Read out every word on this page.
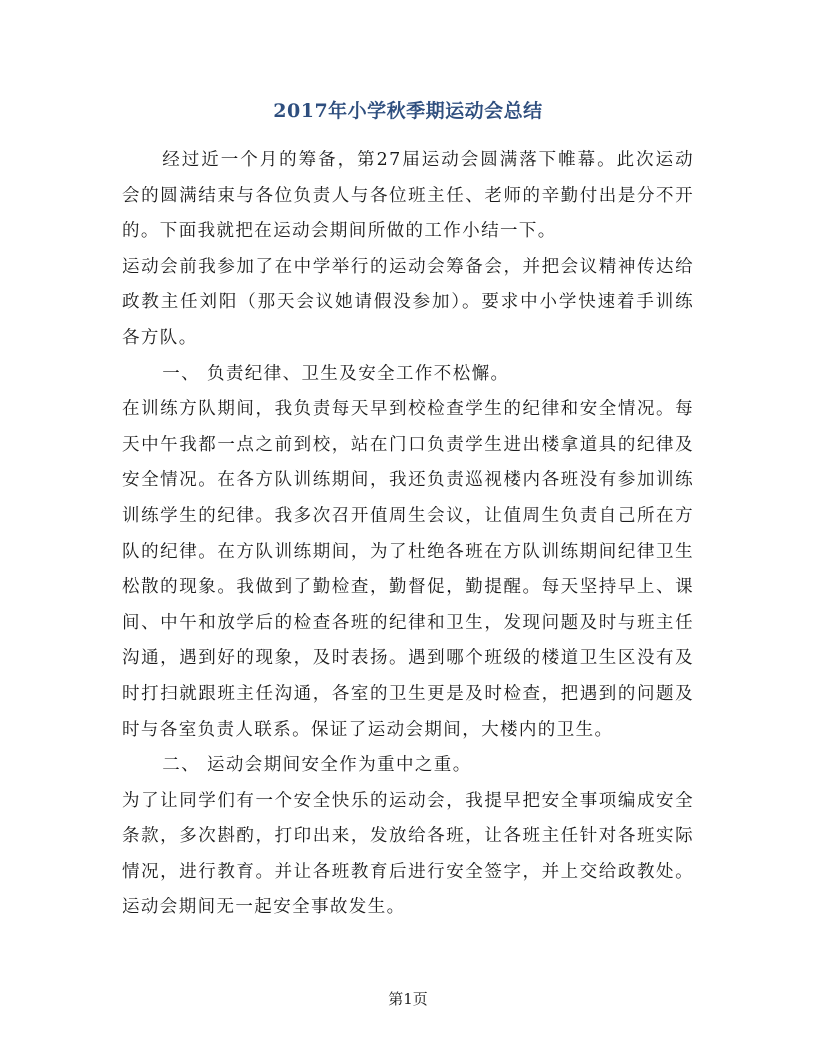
2017年小学秋季期运动会总结

经过近一个月的筹备，第27届运动会圆满落下帷幕。此次运动会的圆满结束与各位负责人与各位班主任、老师的辛勤付出是分不开的。下面我就把在运动会期间所做的工作小结一下。

运动会前我参加了在中学举行的运动会筹备会，并把会议精神传达给政教主任刘阳（那天会议她请假没参加）。要求中小学快速着手训练各方队。

一、 负责纪律、卫生及安全工作不松懈。

在训练方队期间，我负责每天早到校检查学生的纪律和安全情况。每天中午我都一点之前到校，站在门口负责学生进出楼拿道具的纪律及安全情况。在各方队训练期间，我还负责巡视楼内各班没有参加训练训练学生的纪律。我多次召开值周生会议，让值周生负责自己所在方队的纪律。在方队训练期间，为了杜绝各班在方队训练期间纪律卫生松散的现象。我做到了勤检查，勤督促，勤提醒。每天坚持早上、课间、中午和放学后的检查各班的纪律和卫生，发现问题及时与班主任沟通，遇到好的现象，及时表扬。遇到哪个班级的楼道卫生区没有及时打扫就跟班主任沟通，各室的卫生更是及时检查，把遇到的问题及时与各室负责人联系。保证了运动会期间，大楼内的卫生。

二、 运动会期间安全作为重中之重。

为了让同学们有一个安全快乐的运动会，我提早把安全事项编成安全条款，多次斟酌，打印出来，发放给各班，让各班主任针对各班实际情况，进行教育。并让各班教育后进行安全签字，并上交给政教处。运动会期间无一起安全事故发生。

第1页
